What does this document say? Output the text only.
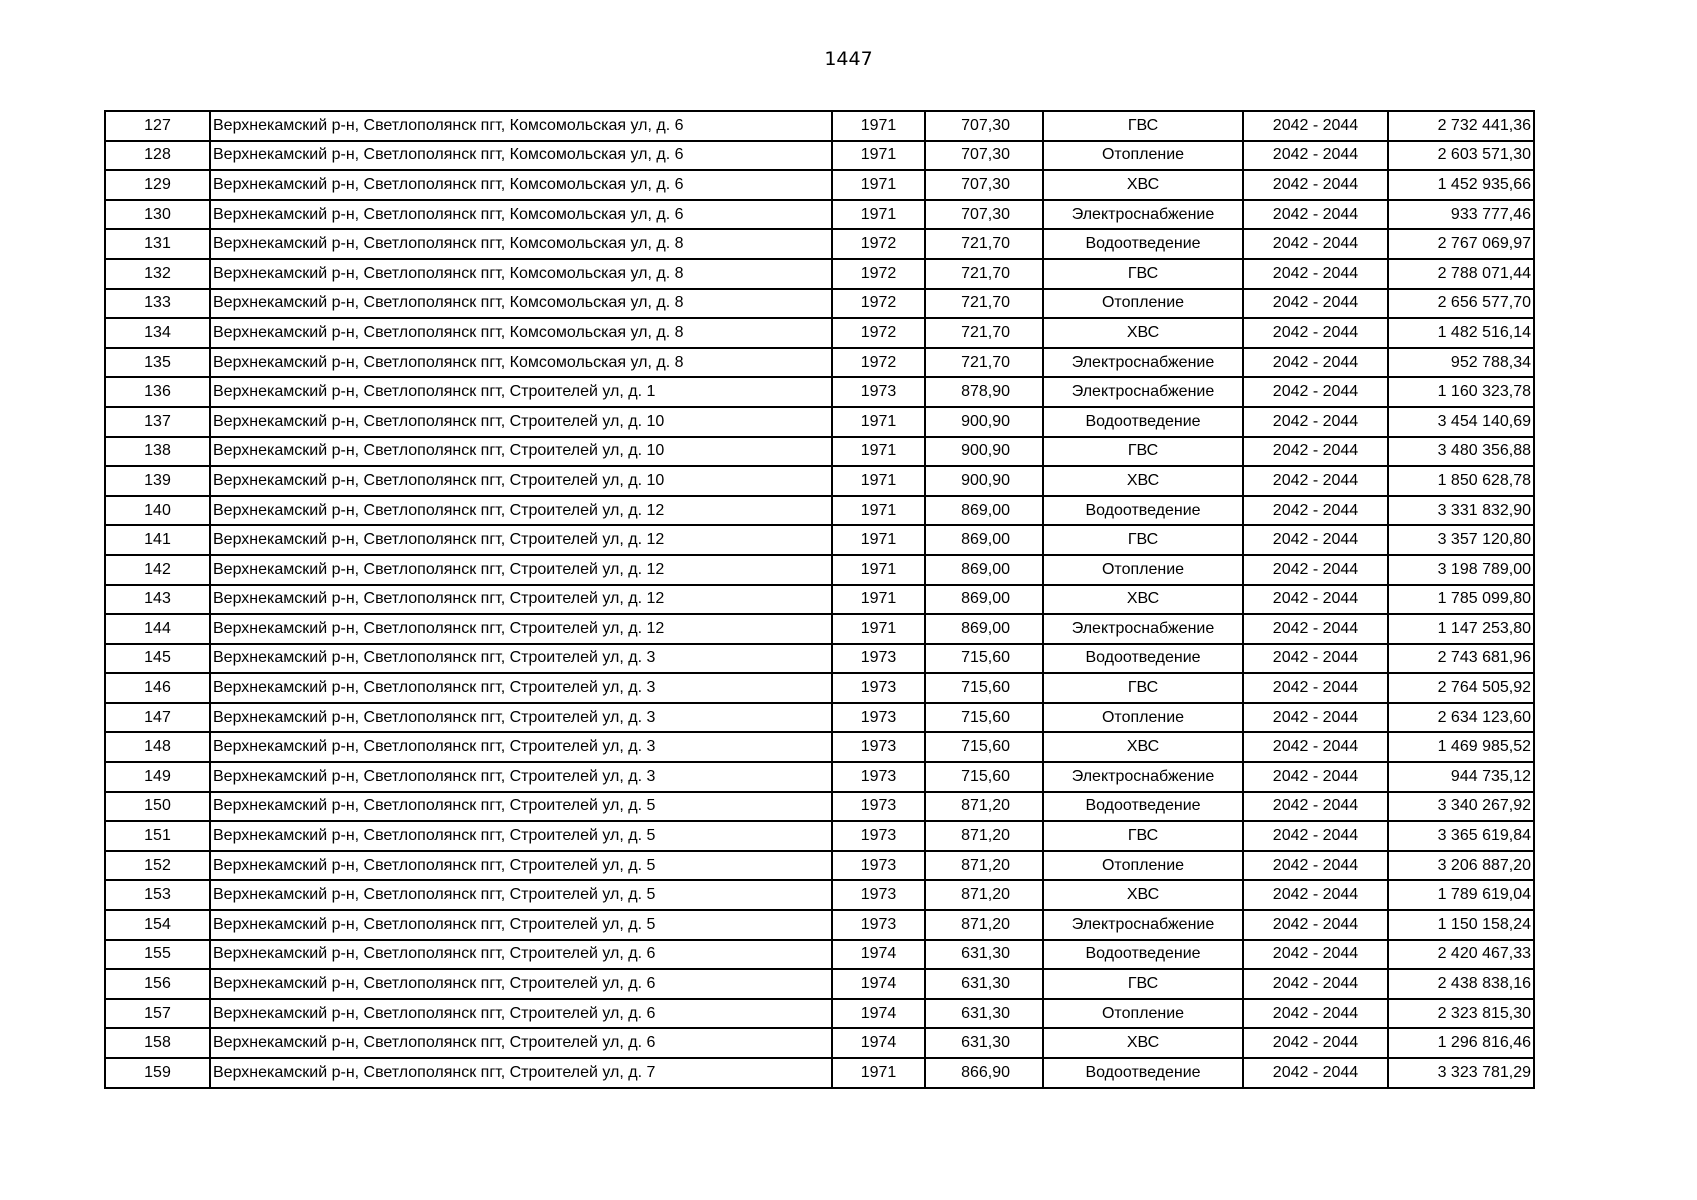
1447
127	Верхнекамский р-н, Светлополянск пгт, Комсомольская ул, д. 6	1971	707,30	ГВС	2042 - 2044	2 732 441,36
128	Верхнекамский р-н, Светлополянск пгт, Комсомольская ул, д. 6	1971	707,30	Отопление	2042 - 2044	2 603 571,30
129	Верхнекамский р-н, Светлополянск пгт, Комсомольская ул, д. 6	1971	707,30	ХВС	2042 - 2044	1 452 935,66
130	Верхнекамский р-н, Светлополянск пгт, Комсомольская ул, д. 6	1971	707,30	Электроснабжение	2042 - 2044	933 777,46
131	Верхнекамский р-н, Светлополянск пгт, Комсомольская ул, д. 8	1972	721,70	Водоотведение	2042 - 2044	2 767 069,97
132	Верхнекамский р-н, Светлополянск пгт, Комсомольская ул, д. 8	1972	721,70	ГВС	2042 - 2044	2 788 071,44
133	Верхнекамский р-н, Светлополянск пгт, Комсомольская ул, д. 8	1972	721,70	Отопление	2042 - 2044	2 656 577,70
134	Верхнекамский р-н, Светлополянск пгт, Комсомольская ул, д. 8	1972	721,70	ХВС	2042 - 2044	1 482 516,14
135	Верхнекамский р-н, Светлополянск пгт, Комсомольская ул, д. 8	1972	721,70	Электроснабжение	2042 - 2044	952 788,34
136	Верхнекамский р-н, Светлополянск пгт, Строителей ул, д. 1	1973	878,90	Электроснабжение	2042 - 2044	1 160 323,78
137	Верхнекамский р-н, Светлополянск пгт, Строителей ул, д. 10	1971	900,90	Водоотведение	2042 - 2044	3 454 140,69
138	Верхнекамский р-н, Светлополянск пгт, Строителей ул, д. 10	1971	900,90	ГВС	2042 - 2044	3 480 356,88
139	Верхнекамский р-н, Светлополянск пгт, Строителей ул, д. 10	1971	900,90	ХВС	2042 - 2044	1 850 628,78
140	Верхнекамский р-н, Светлополянск пгт, Строителей ул, д. 12	1971	869,00	Водоотведение	2042 - 2044	3 331 832,90
141	Верхнекамский р-н, Светлополянск пгт, Строителей ул, д. 12	1971	869,00	ГВС	2042 - 2044	3 357 120,80
142	Верхнекамский р-н, Светлополянск пгт, Строителей ул, д. 12	1971	869,00	Отопление	2042 - 2044	3 198 789,00
143	Верхнекамский р-н, Светлополянск пгт, Строителей ул, д. 12	1971	869,00	ХВС	2042 - 2044	1 785 099,80
144	Верхнекамский р-н, Светлополянск пгт, Строителей ул, д. 12	1971	869,00	Электроснабжение	2042 - 2044	1 147 253,80
145	Верхнекамский р-н, Светлополянск пгт, Строителей ул, д. 3	1973	715,60	Водоотведение	2042 - 2044	2 743 681,96
146	Верхнекамский р-н, Светлополянск пгт, Строителей ул, д. 3	1973	715,60	ГВС	2042 - 2044	2 764 505,92
147	Верхнекамский р-н, Светлополянск пгт, Строителей ул, д. 3	1973	715,60	Отопление	2042 - 2044	2 634 123,60
148	Верхнекамский р-н, Светлополянск пгт, Строителей ул, д. 3	1973	715,60	ХВС	2042 - 2044	1 469 985,52
149	Верхнекамский р-н, Светлополянск пгт, Строителей ул, д. 3	1973	715,60	Электроснабжение	2042 - 2044	944 735,12
150	Верхнекамский р-н, Светлополянск пгт, Строителей ул, д. 5	1973	871,20	Водоотведение	2042 - 2044	3 340 267,92
151	Верхнекамский р-н, Светлополянск пгт, Строителей ул, д. 5	1973	871,20	ГВС	2042 - 2044	3 365 619,84
152	Верхнекамский р-н, Светлополянск пгт, Строителей ул, д. 5	1973	871,20	Отопление	2042 - 2044	3 206 887,20
153	Верхнекамский р-н, Светлополянск пгт, Строителей ул, д. 5	1973	871,20	ХВС	2042 - 2044	1 789 619,04
154	Верхнекамский р-н, Светлополянск пгт, Строителей ул, д. 5	1973	871,20	Электроснабжение	2042 - 2044	1 150 158,24
155	Верхнекамский р-н, Светлополянск пгт, Строителей ул, д. 6	1974	631,30	Водоотведение	2042 - 2044	2 420 467,33
156	Верхнекамский р-н, Светлополянск пгт, Строителей ул, д. 6	1974	631,30	ГВС	2042 - 2044	2 438 838,16
157	Верхнекамский р-н, Светлополянск пгт, Строителей ул, д. 6	1974	631,30	Отопление	2042 - 2044	2 323 815,30
158	Верхнекамский р-н, Светлополянск пгт, Строителей ул, д. 6	1974	631,30	ХВС	2042 - 2044	1 296 816,46
159	Верхнекамский р-н, Светлополянск пгт, Строителей ул, д. 7	1971	866,90	Водоотведение	2042 - 2044	3 323 781,29
